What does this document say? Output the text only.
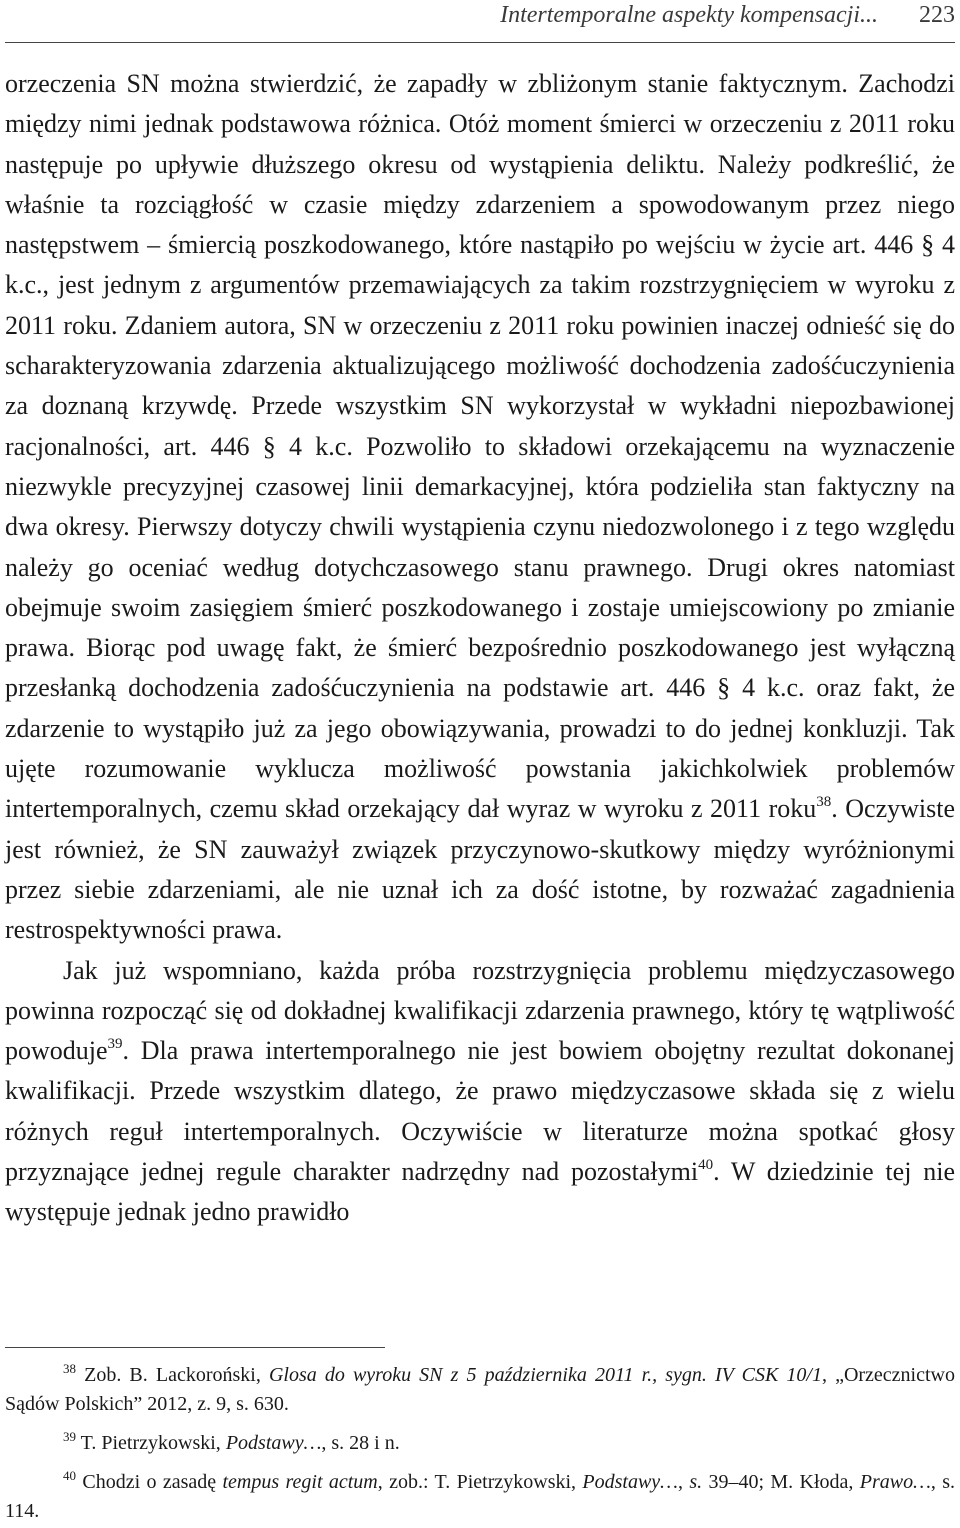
Intertemporalne aspekty kompensacji... 223

orzeczenia SN można stwierdzić, że zapadły w zbliżonym stanie faktycznym. Zachodzi między nimi jednak podstawowa różnica. Otóż moment śmierci w orzeczeniu z 2011 roku następuje po upływie dłuższego okresu od wystąpienia deliktu. Należy podkreślić, że właśnie ta rozciągłość w czasie między zdarzeniem a spowodowanym przez niego następstwem – śmiercią poszkodowanego, które nastąpiło po wejściu w życie art. 446 § 4 k.c., jest jednym z argumentów przemawiających za takim rozstrzygnięciem w wyroku z 2011 roku. Zdaniem autora, SN w orzeczeniu z 2011 roku powinien inaczej odnieść się do scharakteryzowania zdarzenia aktualizującego możliwość dochodzenia zadośćuczynienia za doznaną krzywdę. Przede wszystkim SN wykorzystał w wykładni niepozbawionej racjonalności, art. 446 § 4 k.c. Pozwoliło to składowi orzekającemu na wyznaczenie niezwykle precyzyjnej czasowej linii demarkacyjnej, która podzieliła stan faktyczny na dwa okresy. Pierwszy dotyczy chwili wystąpienia czynu niedozwolonego i z tego względu należy go oceniać według dotychczasowego stanu prawnego. Drugi okres natomiast obejmuje swoim zasięgiem śmierć poszkodowanego i zostaje umiejscowiony po zmianie prawa. Biorąc pod uwagę fakt, że śmierć bezpośrednio poszkodowanego jest wyłączną przesłanką dochodzenia zadośćuczynienia na podstawie art. 446 § 4 k.c. oraz fakt, że zdarzenie to wystąpiło już za jego obowiązywania, prowadzi to do jednej konkluzji. Tak ujęte rozumowanie wyklucza możliwość powstania jakichkolwiek problemów intertemporalnych, czemu skład orzekający dał wyraz w wyroku z 2011 roku$^{38}$. Oczywiste jest również, że SN zauważył związek przyczynowo-skutkowy między wyróżnionymi przez siebie zdarzeniami, ale nie uznał ich za dość istotne, by rozważać zagadnienia restrospektywności prawa.

Jak już wspomniano, każda próba rozstrzygnięcia problemu międzyczasowego powinna rozpocząć się od dokładnej kwalifikacji zdarzenia prawnego, który tę wątpliwość powoduje$^{39}$. Dla prawa intertemporalnego nie jest bowiem obojętny rezultat dokonanej kwalifikacji. Przede wszystkim dlatego, że prawo międzyczasowe składa się z wielu różnych reguł intertemporalnych. Oczywiście w literaturze można spotkać głosy przyznające jednej regule charakter nadrzędny nad pozostałymi$^{40}$. W dziedzinie tej nie występuje jednak jedno prawidło

$^{38}$ Zob. B. Lackoroński, Glosa do wyroku SN z 5 października 2011 r., sygn. IV CSK 10/1, „Orzecznictwo Sądów Polskich” 2012, z. 9, s. 630.

$^{39}$ T. Pietrzykowski, Podstawy…, s. 28 i n.

$^{40}$ Chodzi o zasadę tempus regit actum, zob.: T. Pietrzykowski, Podstawy…, s. 39–40; M. Kłoda, Prawo…, s. 114.
